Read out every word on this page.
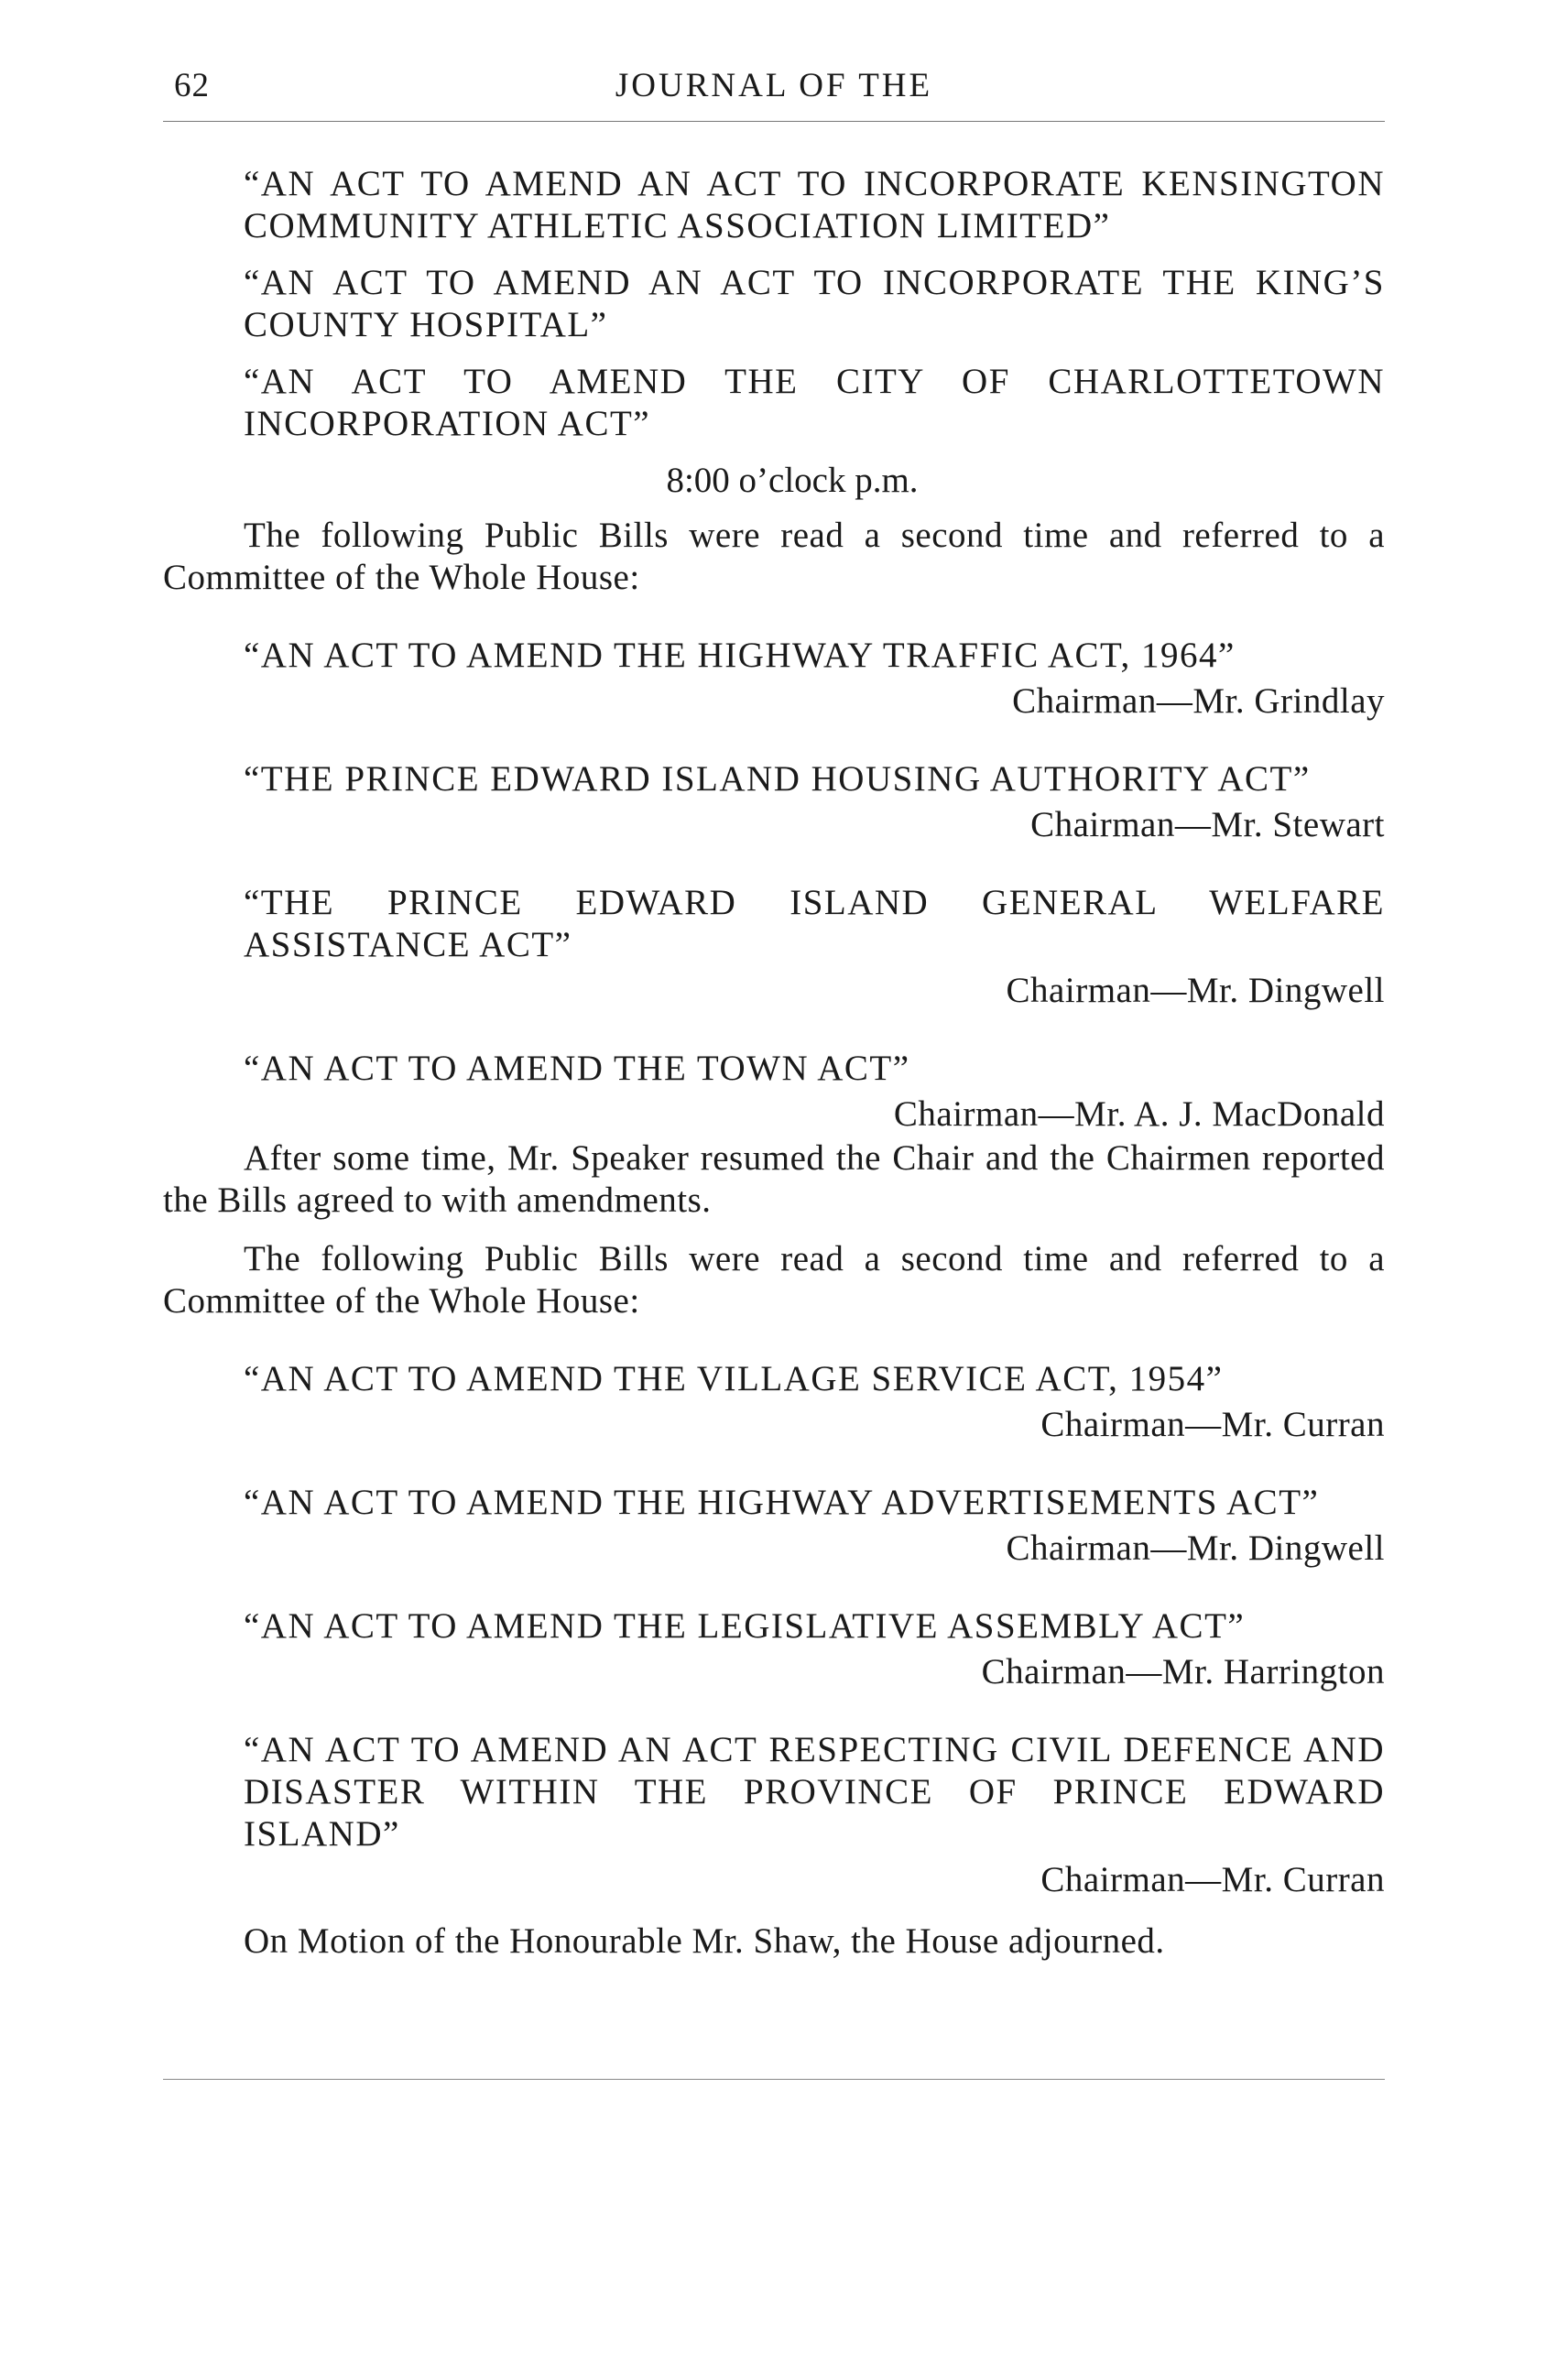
62	JOURNAL OF THE

“AN ACT TO AMEND AN ACT TO INCORPORATE KENSINGTON COMMUNITY ATHLETIC ASSOCIATION LIMITED”

“AN ACT TO AMEND AN ACT TO INCORPORATE THE KING’S COUNTY HOSPITAL”

“AN ACT TO AMEND THE CITY OF CHARLOTTETOWN INCORPORATION ACT”

8:00 o’clock p.m.

The following Public Bills were read a second time and referred to a Committee of the Whole House:

“AN ACT TO AMEND THE HIGHWAY TRAFFIC ACT, 1964”

Chairman—Mr. Grindlay

“THE PRINCE EDWARD ISLAND HOUSING AUTHORITY ACT”

Chairman—Mr. Stewart

“THE PRINCE EDWARD ISLAND GENERAL WELFARE ASSISTANCE ACT”

Chairman—Mr. Dingwell

“AN ACT TO AMEND THE TOWN ACT”

Chairman—Mr. A. J. MacDonald

After some time, Mr. Speaker resumed the Chair and the Chairmen reported the Bills agreed to with amendments.

The following Public Bills were read a second time and referred to a Committee of the Whole House:

“AN ACT TO AMEND THE VILLAGE SERVICE ACT, 1954”

Chairman—Mr. Curran

“AN ACT TO AMEND THE HIGHWAY ADVERTISEMENTS ACT”

Chairman—Mr. Dingwell

“AN ACT TO AMEND THE LEGISLATIVE ASSEMBLY ACT”

Chairman—Mr. Harrington

“AN ACT TO AMEND AN ACT RESPECTING CIVIL DEFENCE AND DISASTER WITHIN THE PROVINCE OF PRINCE EDWARD ISLAND”

Chairman—Mr. Curran

On Motion of the Honourable Mr. Shaw, the House adjourned.
